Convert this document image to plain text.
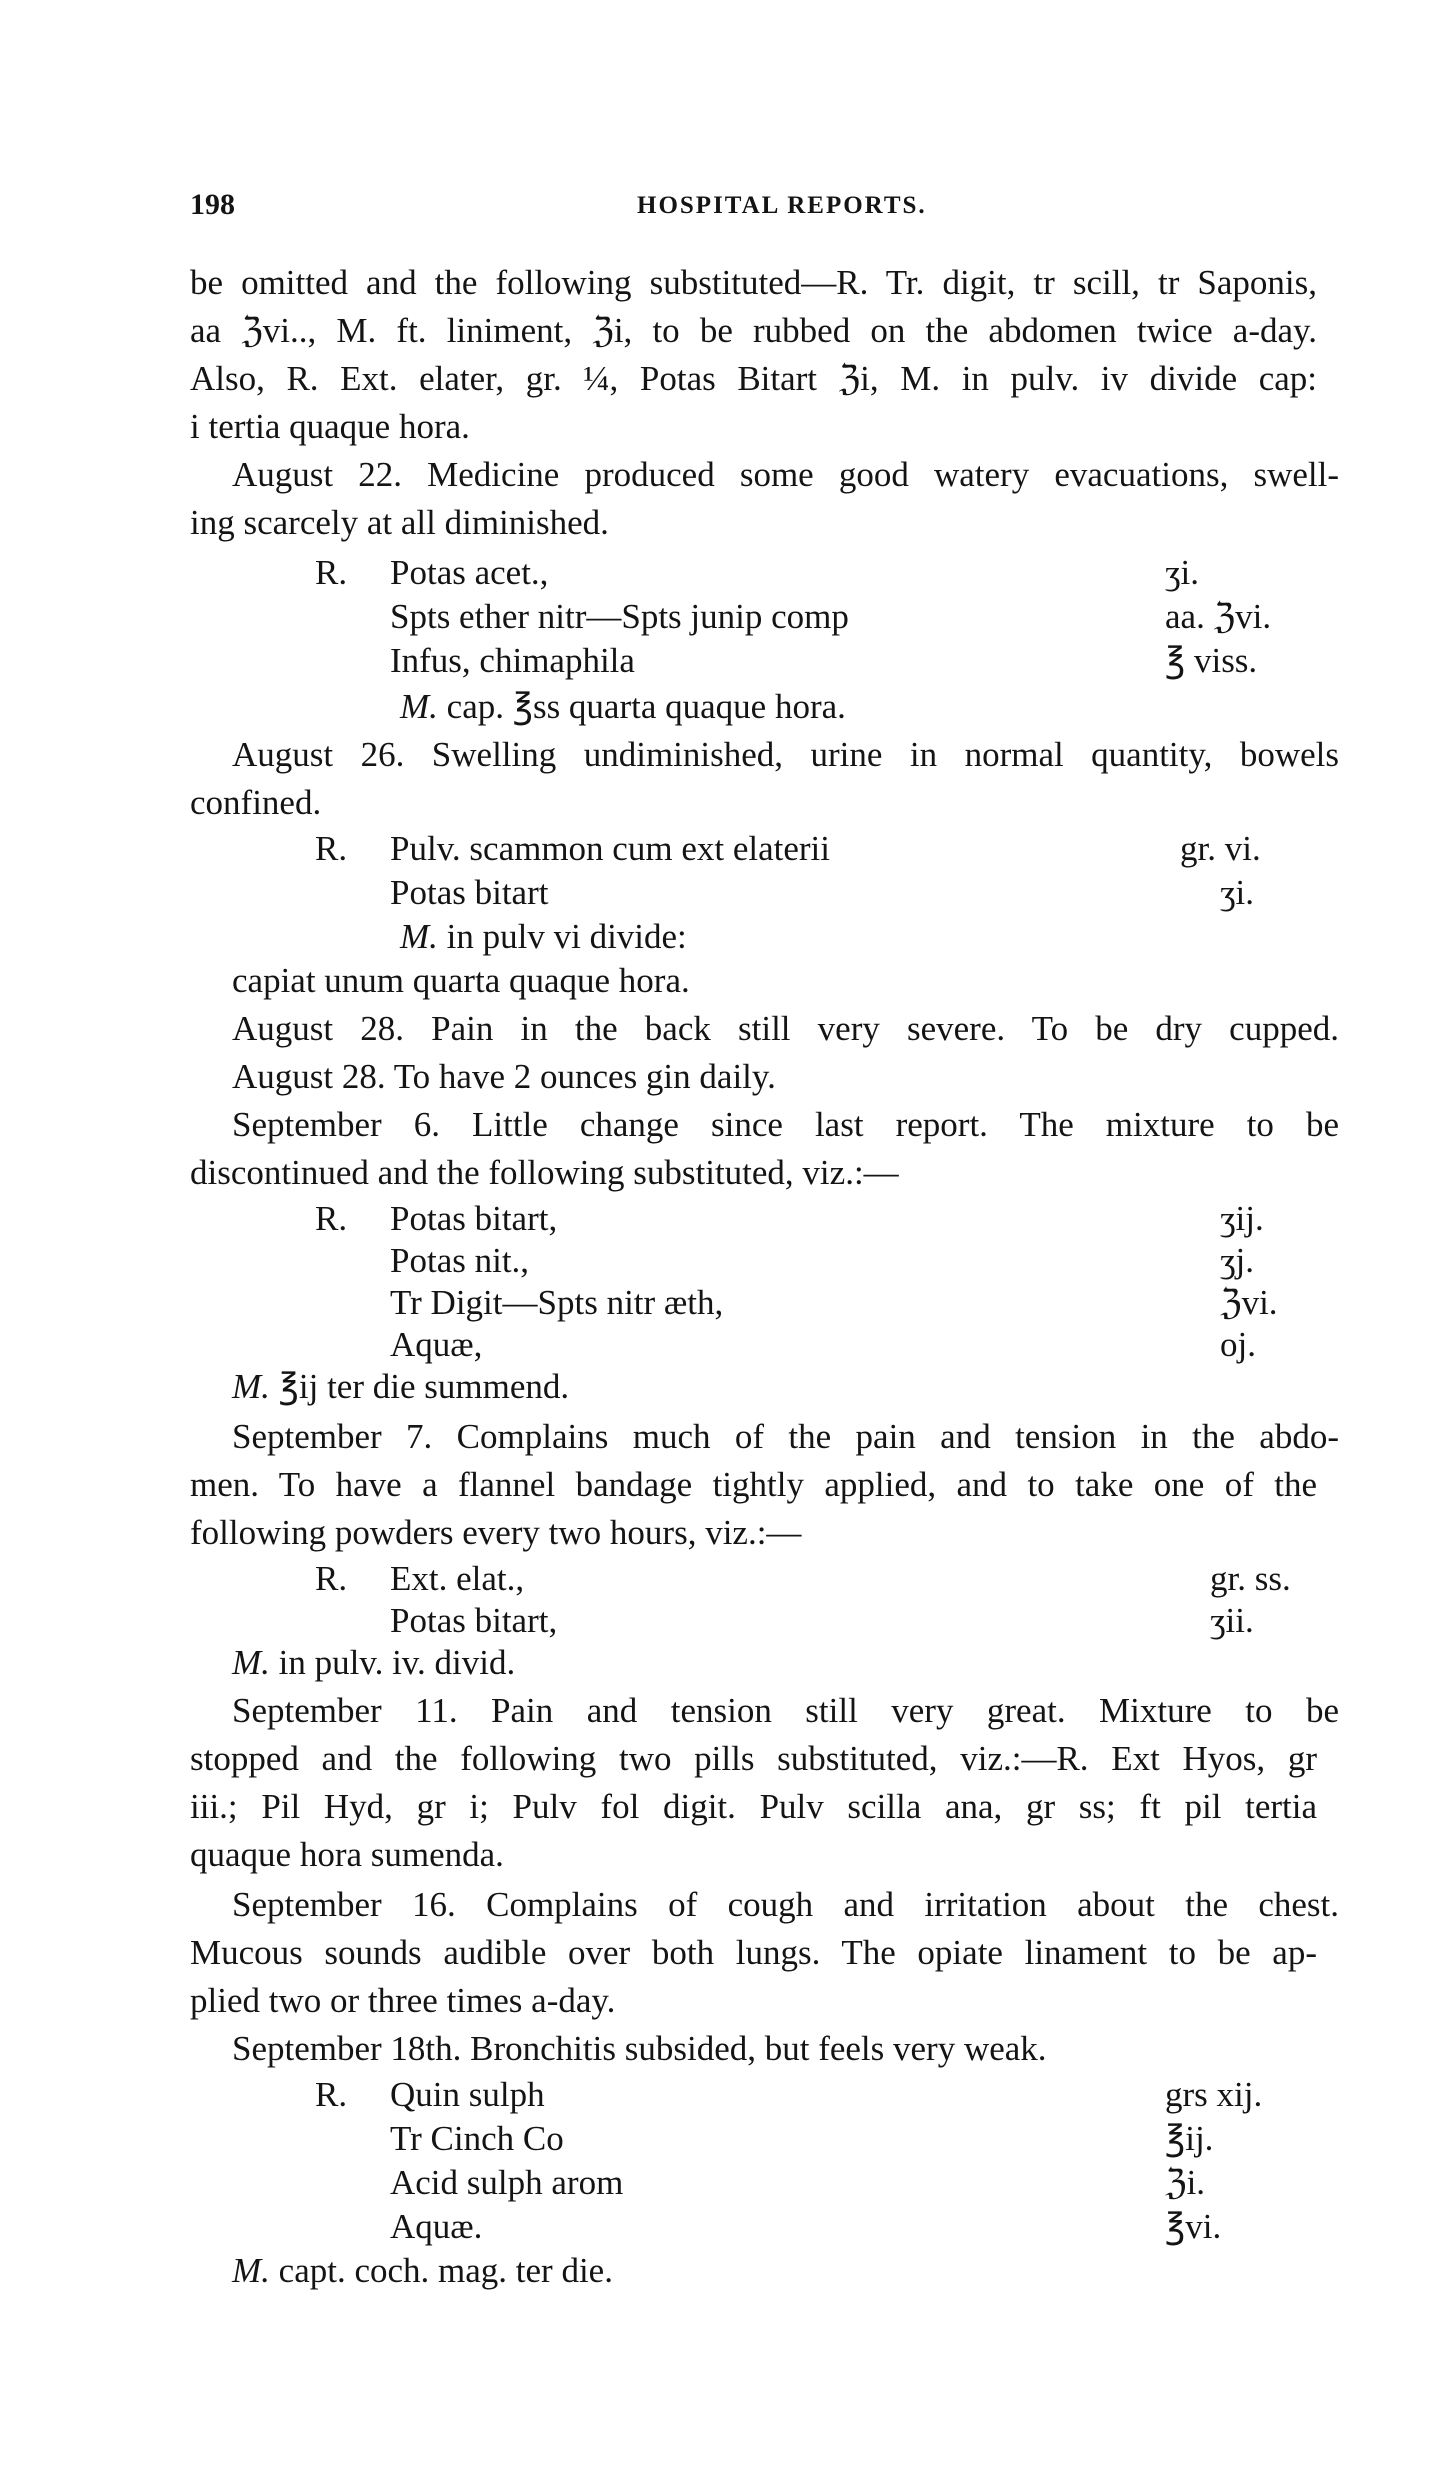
198	HOSPITAL REPORTS.
be omitted and the following substituted—R. Tr. digit, tr scill, tr Saponis,
aa ℨvi.., M. ft. liniment, ℨi, to be rubbed on the abdomen twice a-day.
Also, R. Ext. elater, gr. ¼, Potas Bitart ℨi, M. in pulv. iv divide cap:
i tertia quaque hora.
August 22. Medicine produced some good watery evacuations, swell-
ing scarcely at all diminished.
R. Potas acet.,	ʒi.
Spts ether nitr—Spts junip comp	aa. ℨvi.
Infus, chimaphila	℥ viss.
M. cap. ℥ss quarta quaque hora.
August 26. Swelling undiminished, urine in normal quantity, bowels
confined.
R. Pulv. scammon cum ext elaterii	gr. vi.
Potas bitart	ʒi.
M. in pulv vi divide:
capiat unum quarta quaque hora.
August 28. Pain in the back still very severe. To be dry cupped.
August 28. To have 2 ounces gin daily.
September 6. Little change since last report. The mixture to be
discontinued and the following substituted, viz.:—
R. Potas bitart,	ʒij.
Potas nit.,	ʒj.
Tr Digit—Spts nitr æth,	ℨvi.
Aquæ,	oj.
M. ℥ij ter die summend.
September 7. Complains much of the pain and tension in the abdo-
men. To have a flannel bandage tightly applied, and to take one of the
following powders every two hours, viz.:—
R. Ext. elat.,	gr. ss.
Potas bitart,	ʒii.
M. in pulv. iv. divid.
September 11. Pain and tension still very great. Mixture to be
stopped and the following two pills substituted, viz.:—R. Ext Hyos, gr
iii.; Pil Hyd, gr i; Pulv fol digit. Pulv scilla ana, gr ss; ft pil tertia
quaque hora sumenda.
September 16. Complains of cough and irritation about the chest.
Mucous sounds audible over both lungs. The opiate linament to be ap-
plied two or three times a-day.
September 18th. Bronchitis subsided, but feels very weak.
R. Quin sulph	grs xij.
Tr Cinch Co	℥ij.
Acid sulph arom	ℨi.
Aquæ.	℥vi.
M. capt. coch. mag. ter die.
